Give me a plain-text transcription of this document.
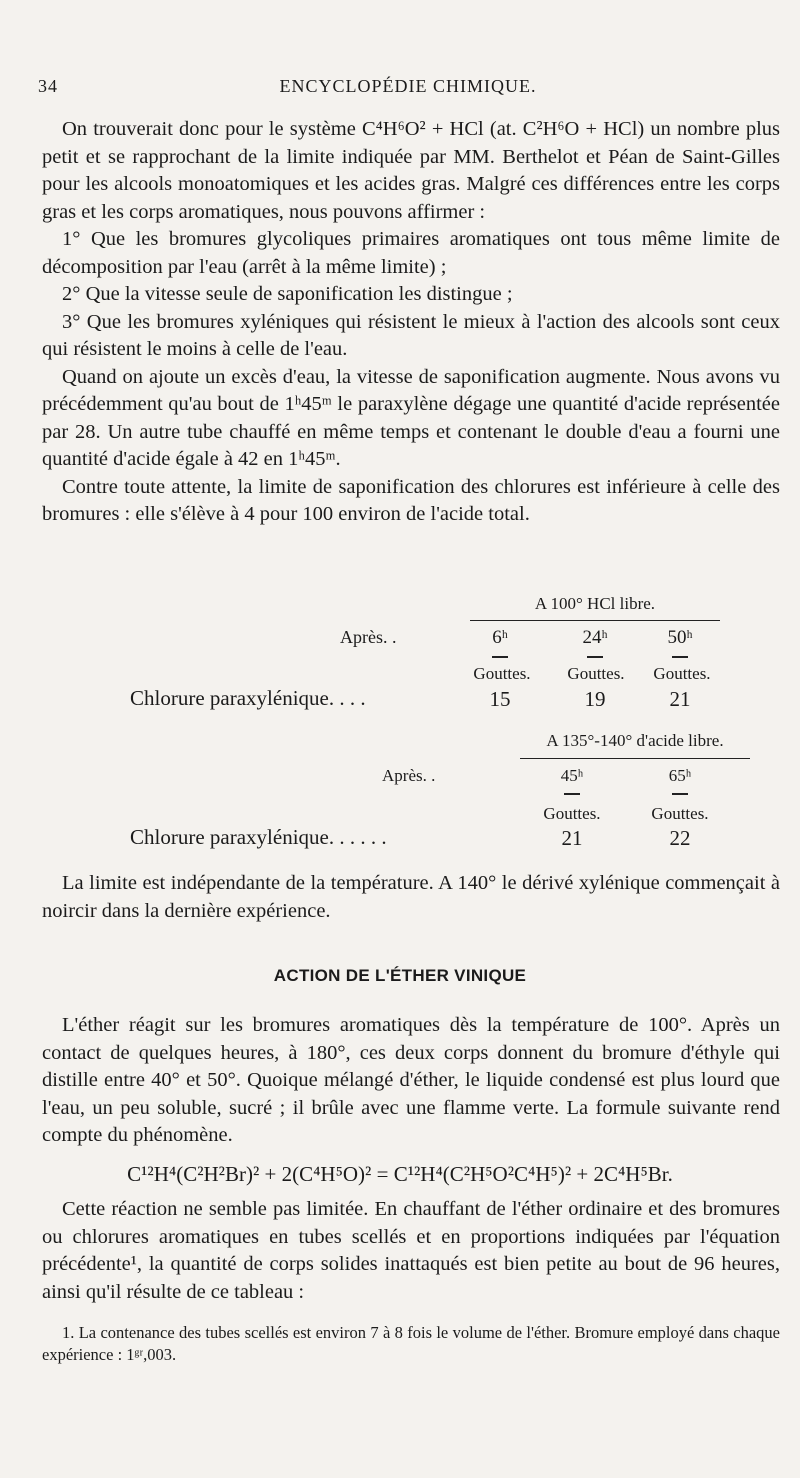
34	ENCYCLOPÉDIE CHIMIQUE.

On trouverait donc pour le système C⁴H⁶O² + HCl (at. C²H⁶O + HCl) un nombre plus petit et se rapprochant de la limite indiquée par MM. Berthelot et Péan de Saint-Gilles pour les alcools monoatomiques et les acides gras. Malgré ces différences entre les corps gras et les corps aromatiques, nous pouvons affirmer :

1° Que les bromures glycoliques primaires aromatiques ont tous même limite de décomposition par l'eau (arrêt à la même limite) ;

2° Que la vitesse seule de saponification les distingue ;

3° Que les bromures xyléniques qui résistent le mieux à l'action des alcools sont ceux qui résistent le moins à celle de l'eau.

Quand on ajoute un excès d'eau, la vitesse de saponification augmente. Nous avons vu précédemment qu'au bout de 1ʰ45ᵐ le paraxylène dégage une quantité d'acide représentée par 28. Un autre tube chauffé en même temps et contenant le double d'eau a fourni une quantité d'acide égale à 42 en 1ʰ45ᵐ.

Contre toute attente, la limite de saponification des chlorures est inférieure à celle des bromures : elle s'élève à 4 pour 100 environ de l'acide total.

A 100° HCl libre.
Après. .	6ʰ	24ʰ	50ʰ
Gouttes.	Gouttes.	Gouttes.
Chlorure paraxylénique. . . .	15	19	21
A 135°-140° d'acide libre.
Après. .	45ʰ	65ʰ
Gouttes.	Gouttes.
Chlorure paraxylénique. . . . . .	21	22

La limite est indépendante de la température. A 140° le dérivé xylénique commençait à noircir dans la dernière expérience.

ACTION DE L'ÉTHER VINIQUE

L'éther réagit sur les bromures aromatiques dès la température de 100°. Après un contact de quelques heures, à 180°, ces deux corps donnent du bromure d'éthyle qui distille entre 40° et 50°. Quoique mélangé d'éther, le liquide condensé est plus lourd que l'eau, un peu soluble, sucré ; il brûle avec une flamme verte. La formule suivante rend compte du phénomène.

C¹²H⁴(C²H²Br)² + 2(C⁴H⁵O)² = C¹²H⁴(C²H⁵O²C⁴H⁵)² + 2C⁴H⁵Br.

Cette réaction ne semble pas limitée. En chauffant de l'éther ordinaire et des bromures ou chlorures aromatiques en tubes scellés et en proportions indiquées par l'équation précédente¹, la quantité de corps solides inattaqués est bien petite au bout de 96 heures, ainsi qu'il résulte de ce tableau :

1. La contenance des tubes scellés est environ 7 à 8 fois le volume de l'éther. Bromure employé dans chaque expérience : 1ᵍʳ,003.
